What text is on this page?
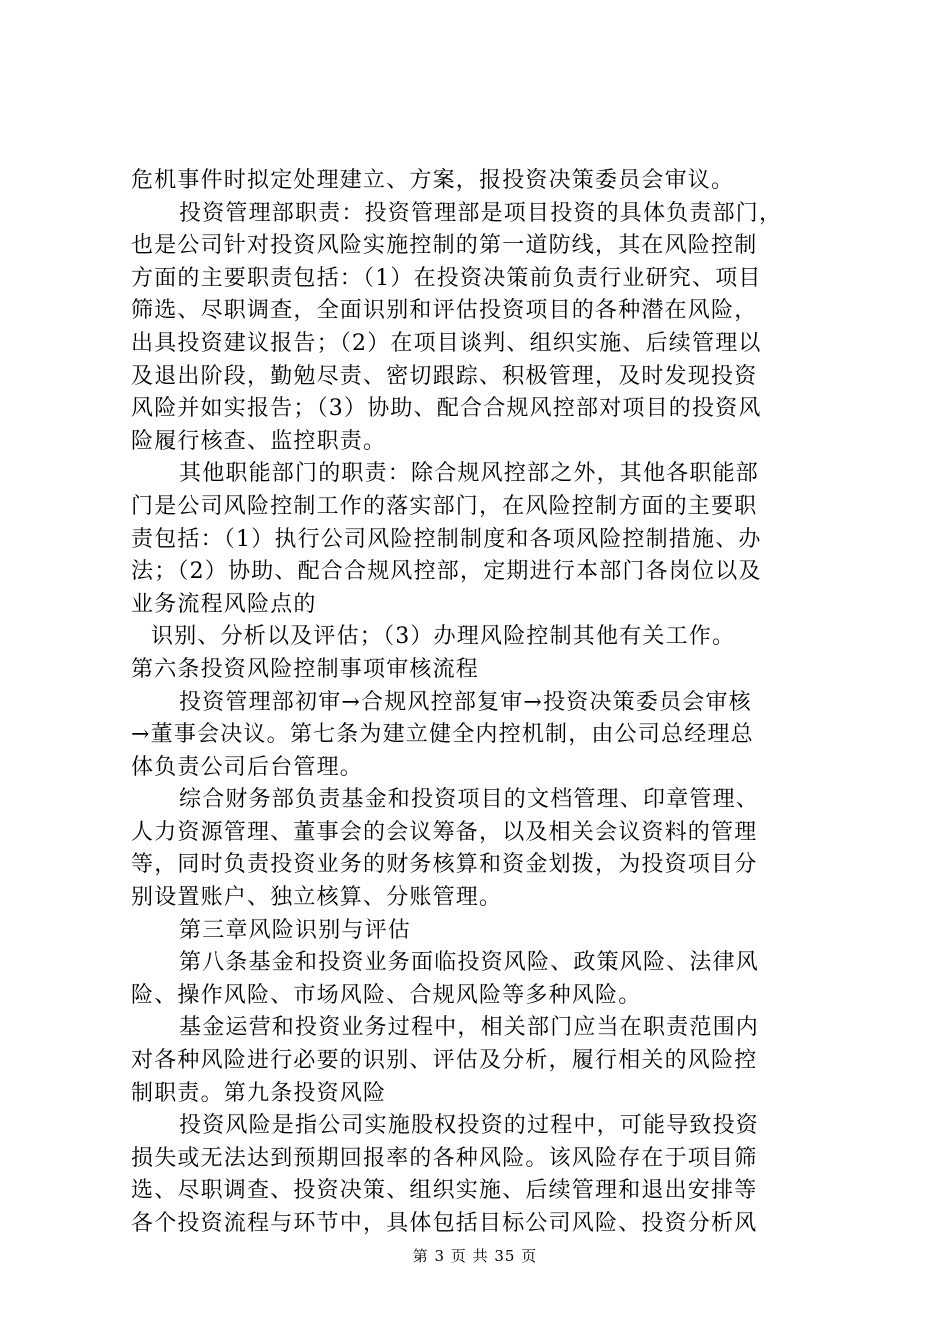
危机事件时拟定处理建立、方案，报投资决策委员会审议。
投资管理部职责：投资管理部是项目投资的具体负责部门，
也是公司针对投资风险实施控制的第一道防线，其在风险控制
方面的主要职责包括：（1）在投资决策前负责行业研究、项目
筛选、尽职调查，全面识别和评估投资项目的各种潜在风险，
出具投资建议报告；（2）在项目谈判、组织实施、后续管理以
及退出阶段，勤勉尽责、密切跟踪、积极管理，及时发现投资
风险并如实报告；（3）协助、配合合规风控部对项目的投资风
险履行核查、监控职责。
其他职能部门的职责：除合规风控部之外，其他各职能部
门是公司风险控制工作的落实部门，在风险控制方面的主要职
责包括：（1）执行公司风险控制制度和各项风险控制措施、办
法；（2）协助、配合合规风控部，定期进行本部门各岗位以及
业务流程风险点的
识别、分析以及评估；（3）办理风险控制其他有关工作。
第六条投资风险控制事项审核流程
投资管理部初审→合规风控部复审→投资决策委员会审核
→董事会决议。第七条为建立健全内控机制，由公司总经理总
体负责公司后台管理。
综合财务部负责基金和投资项目的文档管理、印章管理、
人力资源管理、董事会的会议筹备，以及相关会议资料的管理
等，同时负责投资业务的财务核算和资金划拨，为投资项目分
别设置账户、独立核算、分账管理。
第三章风险识别与评估
第八条基金和投资业务面临投资风险、政策风险、法律风
险、操作风险、市场风险、合规风险等多种风险。
基金运营和投资业务过程中，相关部门应当在职责范围内
对各种风险进行必要的识别、评估及分析，履行相关的风险控
制职责。第九条投资风险
投资风险是指公司实施股权投资的过程中，可能导致投资
损失或无法达到预期回报率的各种风险。该风险存在于项目筛
选、尽职调查、投资决策、组织实施、后续管理和退出安排等
各个投资流程与环节中，具体包括目标公司风险、投资分析风
第 3 页 共 35 页
